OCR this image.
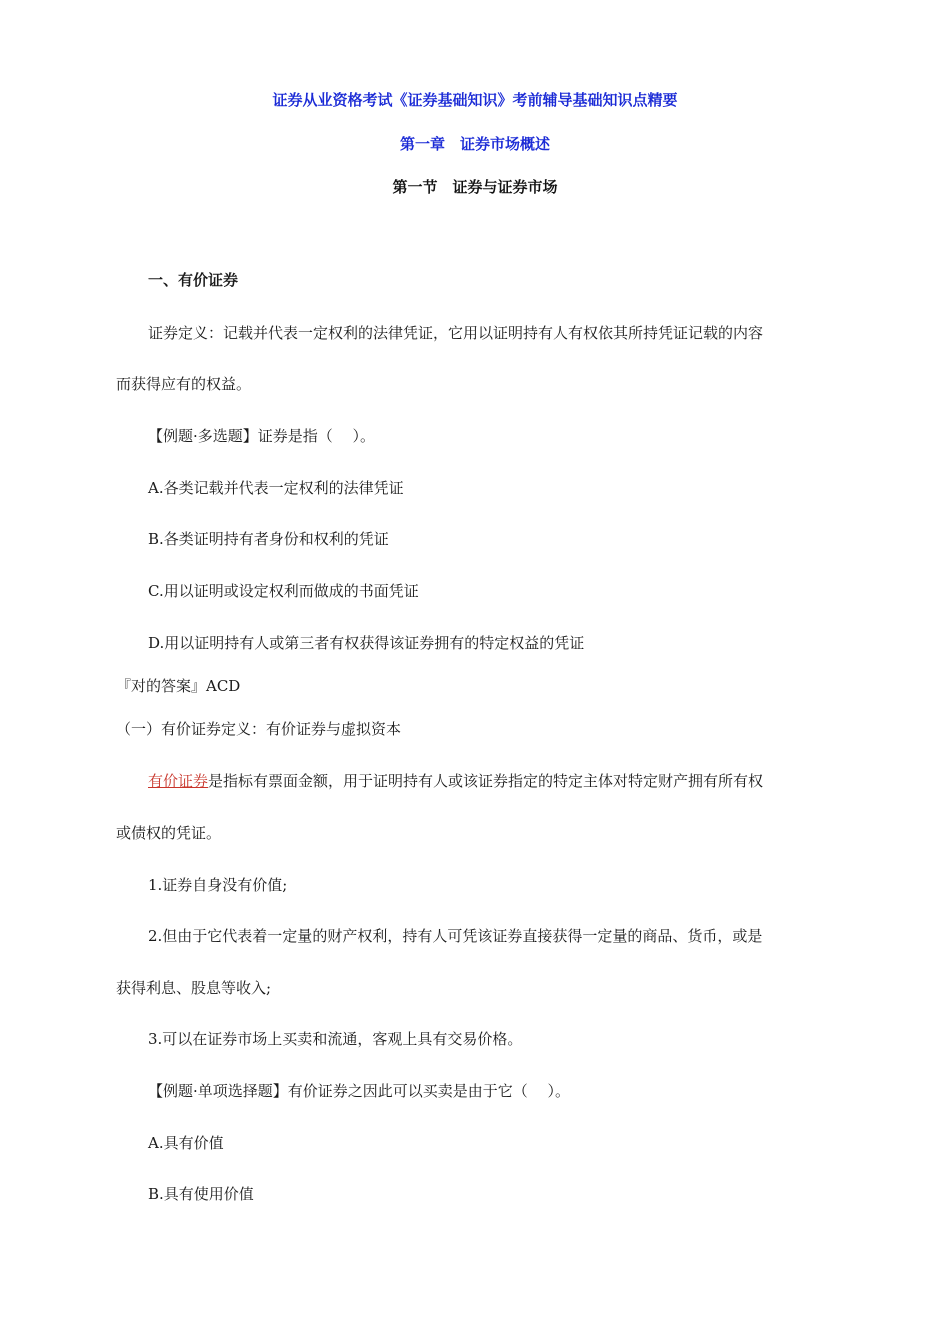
证券从业资格考试《证券基础知识》考前辅导基础知识点精要
第一章　证券市场概述
第一节　证券与证券市场
一、有价证券
证券定义：记载并代表一定权利的法律凭证，它用以证明持有人有权依其所持凭证记载的内容
而获得应有的权益。
【例题·多选题】证券是指（　 ）。
A.各类记载并代表一定权利的法律凭证
B.各类证明持有者身份和权利的凭证
C.用以证明或设定权利而做成的书面凭证
D.用以证明持有人或第三者有权获得该证券拥有的特定权益的凭证
『对的答案』ACD
（一）有价证券定义：有价证券与虚拟资本
有价证券是指标有票面金额，用于证明持有人或该证券指定的特定主体对特定财产拥有所有权
或债权的凭证。
1.证券自身没有价值;
2.但由于它代表着一定量的财产权利，持有人可凭该证券直接获得一定量的商品、货币，或是
获得利息、股息等收入;
3.可以在证券市场上买卖和流通，客观上具有交易价格。
【例题·单项选择题】有价证券之因此可以买卖是由于它（　 ）。
A.具有价值
B.具有使用价值
